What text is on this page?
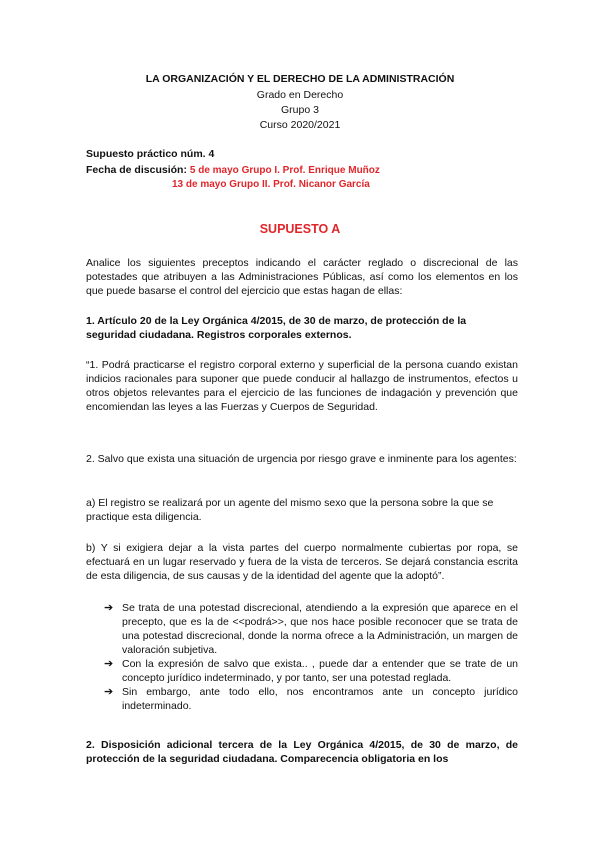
LA ORGANIZACIÓN Y EL DERECHO DE LA ADMINISTRACIÓN
Grado en Derecho
Grupo 3
Curso 2020/2021
Supuesto práctico núm. 4
Fecha de discusión: 5 de mayo Grupo I. Prof. Enrique Muñoz
13 de mayo Grupo II. Prof. Nicanor García
SUPUESTO A
Analice los siguientes preceptos indicando el carácter reglado o discrecional de las potestades que atribuyen a las Administraciones Públicas, así como los elementos en los que puede basarse el control del ejercicio que estas hagan de ellas:
1. Artículo 20 de la Ley Orgánica 4/2015, de 30 de marzo, de protección de la seguridad ciudadana. Registros corporales externos.
“1. Podrá practicarse el registro corporal externo y superficial de la persona cuando existan indicios racionales para suponer que puede conducir al hallazgo de instrumentos, efectos u otros objetos relevantes para el ejercicio de las funciones de indagación y prevención que encomiendan las leyes a las Fuerzas y Cuerpos de Seguridad.
2. Salvo que exista una situación de urgencia por riesgo grave e inminente para los agentes:
a) El registro se realizará por un agente del mismo sexo que la persona sobre la que se practique esta diligencia.
b) Y si exigiera dejar a la vista partes del cuerpo normalmente cubiertas por ropa, se efectuará en un lugar reservado y fuera de la vista de terceros. Se dejará constancia escrita de esta diligencia, de sus causas y de la identidad del agente que la adoptó”.
➔ Se trata de una potestad discrecional, atendiendo a la expresión que aparece en el precepto, que es la de <<podrá>>, que nos hace posible reconocer que se trata de una potestad discrecional, donde la norma ofrece a la Administración, un margen de valoración subjetiva.
➔ Con la expresión de salvo que exista.. , puede dar a entender que se trate de un concepto jurídico indeterminado, y por tanto, ser una potestad reglada.
➔ Sin embargo, ante todo ello, nos encontramos ante un concepto jurídico indeterminado.
2. Disposición adicional tercera de la Ley Orgánica 4/2015, de 30 de marzo, de protección de la seguridad ciudadana. Comparecencia obligatoria en los
